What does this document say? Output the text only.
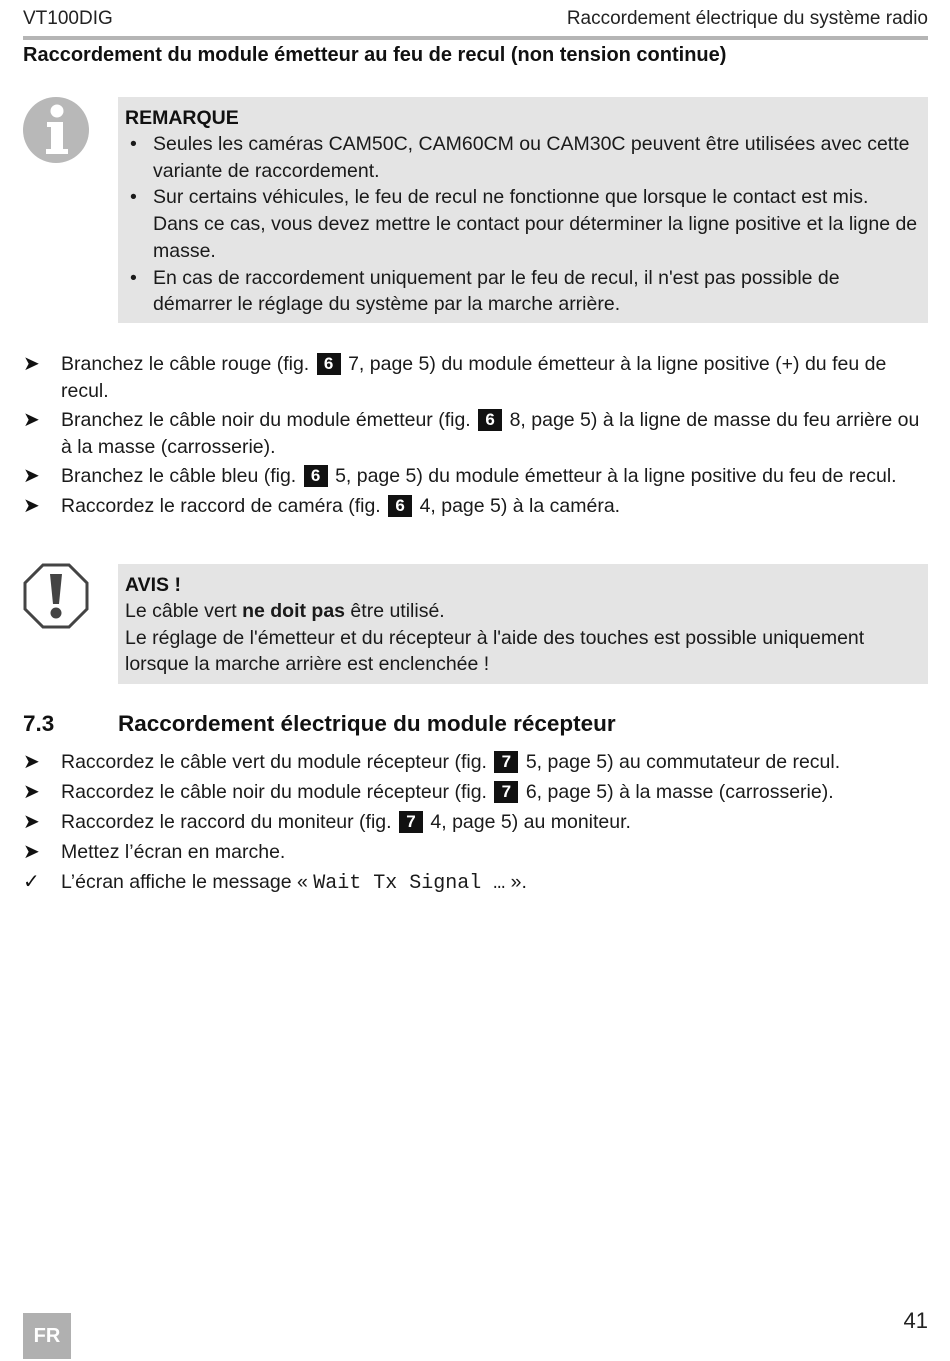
VT100DIG	Raccordement électrique du système radio
Raccordement du module émetteur au feu de recul (non tension continue)
REMARQUE
• Seules les caméras CAM50C, CAM60CM ou CAM30C peuvent être utilisées avec cette variante de raccordement.
• Sur certains véhicules, le feu de recul ne fonctionne que lorsque le contact est mis. Dans ce cas, vous devez mettre le contact pour déterminer la ligne positive et la ligne de masse.
• En cas de raccordement uniquement par le feu de recul, il n'est pas possible de démarrer le réglage du système par la marche arrière.
➤ Branchez le câble rouge (fig. 6 7, page 5) du module émetteur à la ligne positive (+) du feu de recul.
➤ Branchez le câble noir du module émetteur (fig. 6 8, page 5) à la ligne de masse du feu arrière ou à la masse (carrosserie).
➤ Branchez le câble bleu (fig. 6 5, page 5) du module émetteur à la ligne positive du feu de recul.
➤ Raccordez le raccord de caméra (fig. 6 4, page 5) à la caméra.
AVIS !

Le câble vert ne doit pas être utilisé.

Le réglage de l'émetteur et du récepteur à l'aide des touches est possible uniquement lorsque la marche arrière est enclenchée !

7.3	Raccordement électrique du module récepteur
➤ Raccordez le câble vert du module récepteur (fig. 7 5, page 5) au commutateur de recul.
➤ Raccordez le câble noir du module récepteur (fig. 7 6, page 5) à la masse (carrosserie).
➤ Raccordez le raccord du moniteur (fig. 7 4, page 5) au moniteur.
➤ Mettez l’écran en marche.
✓ L’écran affiche le message « Wait Tx Signal … ».
FR
41
